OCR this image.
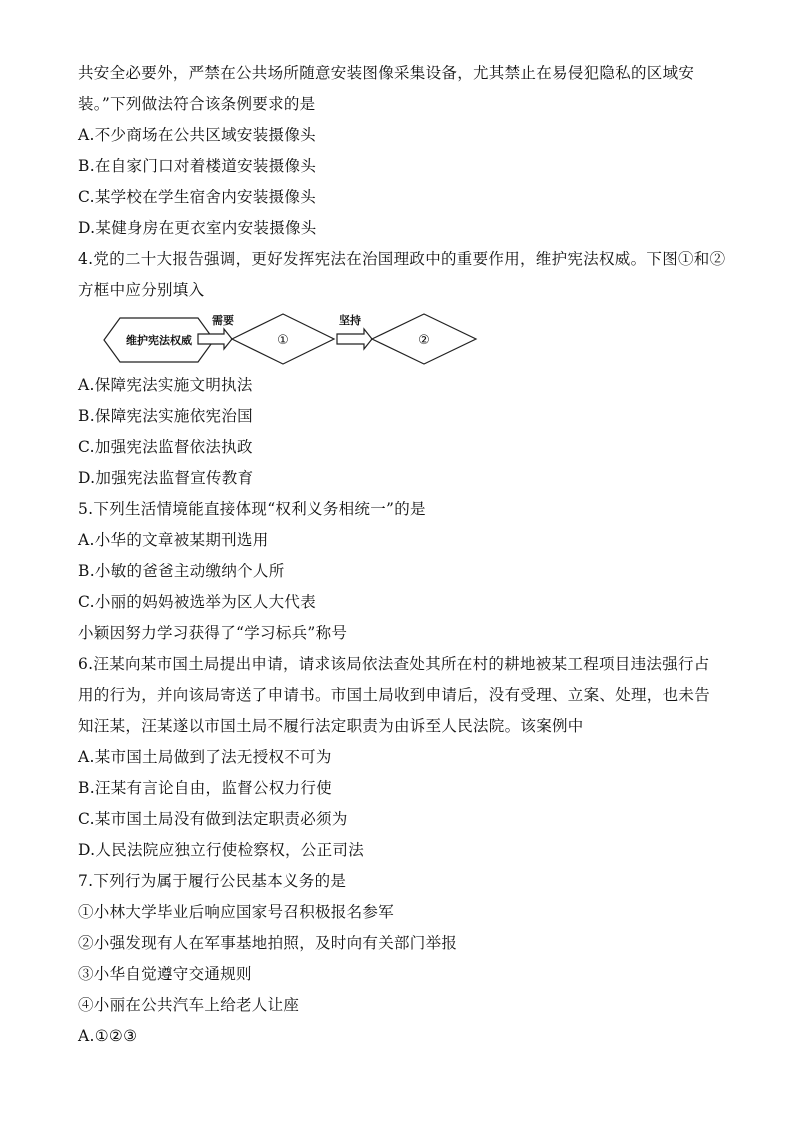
共安全必要外，严禁在公共场所随意安装图像采集设备，尤其禁止在易侵犯隐私的区域安
装。”下列做法符合该条例要求的是
A.不少商场在公共区域安装摄像头
B.在自家门口对着楼道安装摄像头
C.某学校在学生宿舍内安装摄像头
D.某健身房在更衣室内安装摄像头
4.党的二十大报告强调，更好发挥宪法在治国理政中的重要作用，维护宪法权威。下图①和②
方框中应分别填入
维护宪法权威
需要
①
坚持
②
A.保障宪法实施文明执法
B.保障宪法实施依宪治国
C.加强宪法监督依法执政
D.加强宪法监督宣传教育
5.下列生活情境能直接体现“权利义务相统一”的是
A.小华的文章被某期刊选用
B.小敏的爸爸主动缴纳个人所
C.小丽的妈妈被选举为区人大代表
小颖因努力学习获得了“学习标兵”称号
6.汪某向某市国土局提出申请，请求该局依法查处其所在村的耕地被某工程项目违法强行占
用的行为，并向该局寄送了申请书。市国土局收到申请后，没有受理、立案、处理，也未告
知汪某，汪某遂以市国土局不履行法定职责为由诉至人民法院。该案例中
A.某市国土局做到了法无授权不可为
B.汪某有言论自由，监督公权力行使
C.某市国土局没有做到法定职责必须为
D.人民法院应独立行使检察权，公正司法
7.下列行为属于履行公民基本义务的是
①小林大学毕业后响应国家号召积极报名参军
②小强发现有人在军事基地拍照，及时向有关部门举报
③小华自觉遵守交通规则
④小丽在公共汽车上给老人让座
A.①②③
